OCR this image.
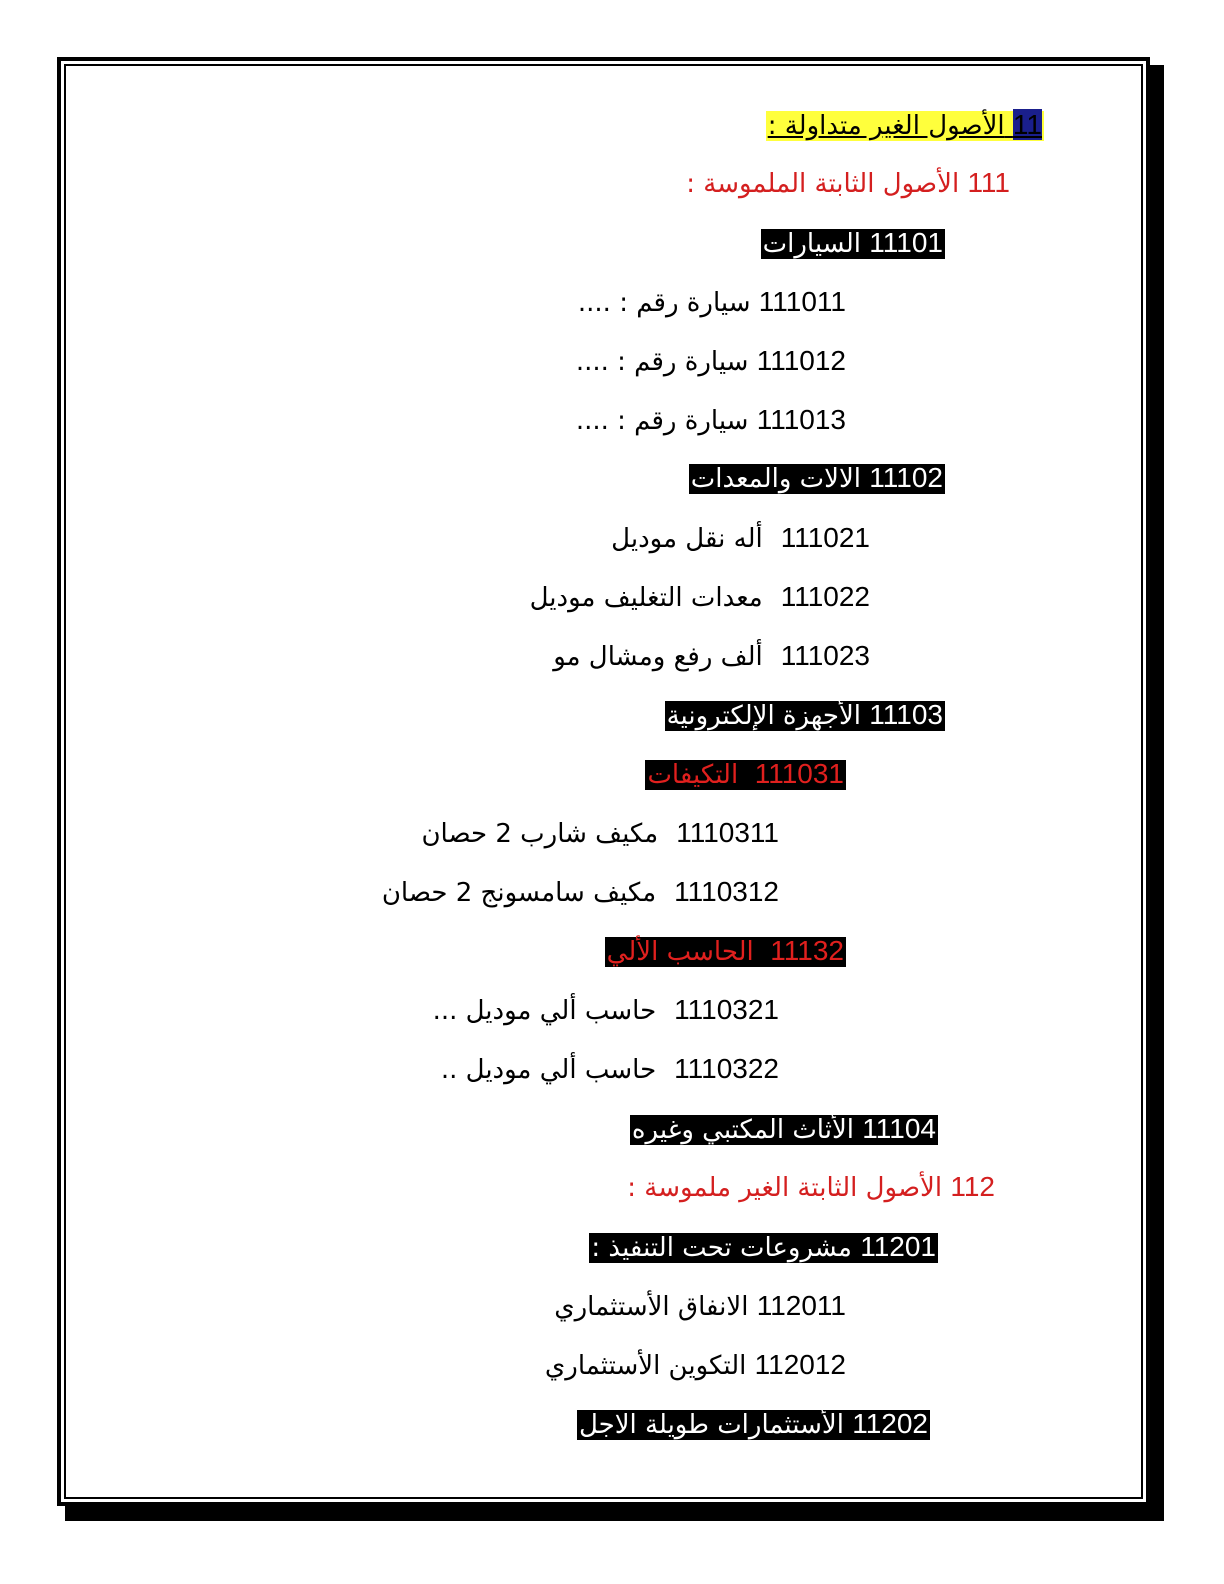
11 الأصول الغير متداولة :
111 الأصول الثابتة الملموسة :
11101 السيارات
111011 سيارة رقم : ....
111012 سيارة رقم : ....
111013 سيارة رقم : ....
11102 الالات والمعدات
111021أله نقل موديل
111022معدات التغليف موديل
111023ألف رفع ومشال مو
11103 الأجهزة الإلكترونية
111031  التكيفات
1110311مكيف شارب 2 حصان
1110312مكيف سامسونج 2 حصان
11132  الحاسب الألي
1110321حاسب ألي موديل ...
1110322حاسب ألي موديل ..
11104 الأثاث المكتبي وغيره
112 الأصول الثابتة الغير ملموسة :
11201 مشروعات تحت التنفيذ :
112011 الانفاق الأستثماري
112012 التكوين الأستثماري
11202 الأستثمارات طويلة الاجل
